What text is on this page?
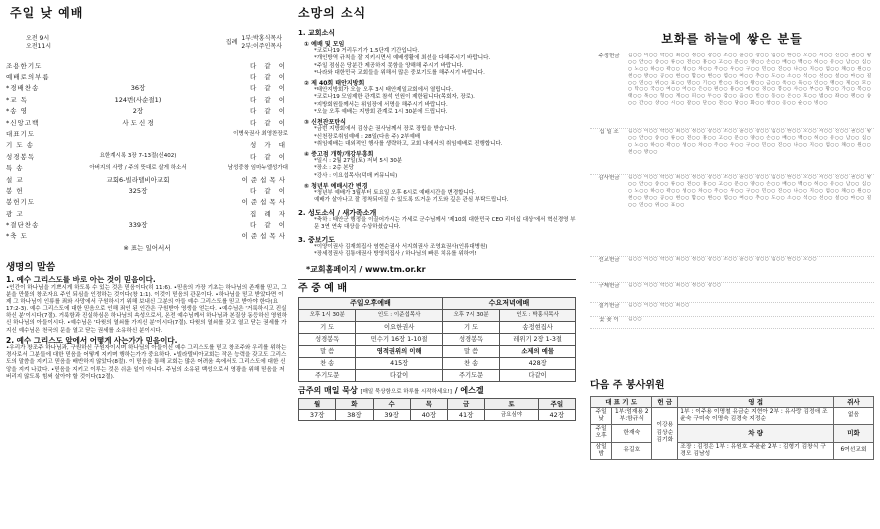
주일 낮 예배
오전 9시
오전11시
집례
1부:박홍식목사
2부:이주인목사
조용한기도	다 같 이
예배로의부름	다 같 이
*경배찬송	36장	다 같 이
*교 독	124번(사순절1)	다 같 이
*송 영	2장	다 같 이
*신앙고백	사 도 신 경	다 같 이
대표기도	이병욱권사 최영찬장로
기 도 송	성 가 대
성경봉독	요한계시록 3장 7-13절(신402)	다 같 이
특 송	아버지의 사랑 / 주의 뜻대로 살게 하소서	남성중창 임마누엘성가대
설 교	교회6-빌라델비아교회	이준섭목사
봉 헌	325장	다 같 이
봉헌기도	이준섭목사
광 고	집 례 자
*결단찬송	339장	다 같 이
*축 도	이준섭목사
※ 표는 일어서서
생명의 말씀
1. 예수 그리스도를 바로 아는 것이 믿음이다.
•인간이 하나님을 기쁘시게 하도록 수 있는 것은 믿음이다(히 11:6). •믿음의 가장 기초는 하나님의 존재를 믿고, 그분을 만물의 창조자요 주인 되심을 인정하는 것이다(창 1:1). 이것이 믿음의 관문이다. •하나님을 믿고 받았다면 이제 그 하나님이 인류를 죄와 사망에서 구원하시기 위해 보내신 그분의 아들 예수 그리스도를 믿고 받아야 한다(요 17:2-3). 예수 그리스도에 대한 믿음으로 인해 죄인 된 인간은 구원받아 영생을 얻는다. •예수님은 '거룩하시고 진실하신 분'이시다(7절). 거룩함과 진실하심은 하나님의 속성으로서, 온전 예수님께서 하나님과 본질상 동등하신 영원하신 하나님의 아들이시다. •예수님은 '다윗의 열쇠를 가지신 분'이시다(7절). 다윗의 열쇠를 갖고 열고 닫는 권세를 가지신 예수님은 천국의 문을 열고 닫는 권세를 소유하신 분이시다.
2. 예수 그리스도 앞에서 어떻게 사는가가 믿음이다.
•우리가 창조주 하나님과, 구원하신 구원자이시며 하나님의 아들이신 예수 그리스도를 믿고 창조주와 우리를 위하는 경사로서 그분들에 대한 믿음을 어떻게 지키며 행하는가가 중요하다. •빌라델비아교회는 작은 능력을 갖고도 그리스도의 말씀을 지키고 믿음을 배반하지 않았다(8절). 이 믿음을 통해 교회는 많은 어려움 속에서도 그리스도에 대한 신앙을 지켜 나갔다. •믿음을 지키고 이루는 것은 쉬운 일이 아니다. 주님의 소유된 백성으로서 영광을 위해 믿음을 저버리지 않도록 힘써 살아야 할 것이다(12절).
소망의 소식
1. 교회소식
① 예배 및 모임
*코로나19 거리두기가 1.5단계 기간입니다.
*개인방역 규칙을 잘 지키시면서 예배생활에 최선을 다해주시기 바랍니다.
*주일 점심은 당분간 제공하지 못함을 양해해 주시기 바랍니다.
*나라와 대한민국 교회들을 위해서 많은 중보기도를 해주시기 바랍니다.
② 제 40회 태안지방회
*태안지방회가 오늘 오후 3시 태안제일교회에서 열립니다.
*코로나19 모임제한 관계로 참석 인원이 제한됩니다(목회자, 장로).
*지방회원들께서는 위임장에 서명을 해주시기 바랍니다.
*오늘 오후 예배는 지방회 관계로 1시 30분에 드립니다.
③ 신천잔포탄식
*금번 지방회에서 김상순 권사님께서 장로 장립을 받습니다.
*신천장로취임예배 : 28일(다음 주) 2부예배
*취임예배는 대외적인 행사를 생략하고, 교회 내에서의 취임예배로 진행합니다.
④ 증고점 개학/개강부흥회
*일시 : 2월 27일(토) 저녁 5시 30분
*장소 : 2층 본당
*강사 : 이요섭목사(덕매 커뮤니티)
⑤ 청년부 예배시간 변경
*청년부 예배가 3월부터 토요일 오후 6시로 예배시간을 변경합니다.
예배가 살아나고 잘 정착되어질 수 있도록 뜨거운 기도와 깊은 관심 부탁드립니다.
2. 성도소식 / 새가족소개
*축하 : 태안군 행정을 이끌어가시는 가세로 군수님께서 '제10회 대한민국 CEO 리더십 대상'에서 혁신경영 부문 3연 연속 대상을 수상하셨습니다.
3. 중보기도
*이양이권사 김재희집사 염현순권사 서지희권사 조영효권사(인류대병원)
*장세정권사 김통애권사 방영석집사 / 하나님의 빠른 치유를 위하여!
*교회홈페이지 / www.tm.or.kr
주 중 예 배
주일오후예배		수요저녁예배	
오후 1시 30분	인도 : 이준섭목사	오후 7시 30분	인도 : 박홍식목사
기 도	이요한권사	기 도	송정현집사
성경봉독	민수기 16장 1-10절	성경봉독	레위기 2장 1-3절
말 씀	영적권위의 이해	말 씀	소제의 예물
찬 송	415장	찬 송	428장
주기도문	다같이	주기도문	다같이
금주의 매일 묵상 [매일 묵상함으로 하루를 시작하세요!] / 에스겔
월	화	수	목	금	토	주일
37장	38장	39장	40장	41장	금요심야	42장
보화를 하늘에 쌓은 분들
주정헌금	김○○ 이○○ 박○○ 최○○ 정○○ 강○○ 조○○ 윤○○ 장○○ 임○○ 한○○ 오○○ 서○○ 신○○ 권○○ 황○○ 안○○ 송○○ 류○○ 전○○ 홍○○ 고○○ 문○○ 양○○ 손○○ 배○○ 백○○ 허○○ 유○○ 남○○ 심○○ 노○○ 하○○ 곽○○ 성○○ 차○○ 주○○ 우○○ 구○○ 민○○ 진○○ 나○○ 지○○ 엄○○ 채○○ 원○○ 천○○ 방○○ 공○○ 현○○ 함○○ 변○○ 염○○ 여○○ 추○○ 도○○ 소○○ 석○○ 선○○ 설○○ 마○○ 길○○ 연○○ 위○○ 표○○ 명○○ 기○○ 반○○ 라○○ 왕○○ 금○○ 옥○○ 육○○ 인○○ 맹○○ 제○○ 모○○ 탁○○ 국○○ 여○○ 어○○ 은○○ 편○○ 용○○ 예○○ 경○○ 봉○○ 사○○ 부○○ 황○○ 가○○ 복○○ 태○○ 목○○ 형○○ 계○○ 피○○ 두○○ 감○○ 음○○ 빈○○ 동○○ 온○○ 호○○ 범○○ 좌○○ 팽○○ 승○○ 간○○ 상○○ 시○○ 갈○○ 단○○ 견○○ 당○○ 화○○ 창○○ 옹○○ 순○○ 빙○○
십 일 조	김○○ 이○○ 박○○ 최○○ 정○○ 강○○ 조○○ 윤○○ 장○○ 임○○ 한○○ 오○○ 서○○ 신○○ 권○○ 황○○ 안○○ 송○○ 류○○ 전○○ 홍○○ 고○○ 문○○ 양○○ 손○○ 배○○ 백○○ 허○○ 유○○ 남○○ 심○○ 노○○ 하○○ 곽○○ 성○○ 차○○ 주○○ 우○○ 구○○ 민○○ 진○○ 나○○ 지○○ 엄○○ 채○○ 원○○ 천○○ 방○○
감사헌금	김○○ 이○○ 박○○ 최○○ 정○○ 강○○ 조○○ 윤○○ 장○○ 임○○ 한○○ 오○○ 서○○ 신○○ 권○○ 황○○ 안○○ 송○○ 류○○ 전○○ 홍○○ 고○○ 문○○ 양○○ 손○○ 배○○ 백○○ 허○○ 유○○ 남○○ 심○○ 노○○ 하○○ 곽○○ 성○○ 차○○ 주○○ 우○○ 구○○ 민○○ 진○○ 나○○ 지○○ 엄○○ 채○○ 원○○ 천○○ 방○○ 공○○ 현○○ 함○○ 변○○ 염○○ 여○○ 추○○ 도○○ 소○○ 석○○ 선○○ 설○○ 마○○ 길○○ 연○○ 위○○ 표○○
선교헌금	김○○ 이○○ 박○○ 최○○ 정○○ 강○○ 조○○ 윤○○ 장○○ 임○○ 한○○ 오○○
구제헌금	김○○ 이○○ 박○○ 최○○ 정○○ 강○○
절기헌금	김○○ 이○○ 박○○ 최○○
꽃 꽂 이	김○○
다음 주 봉사위원
대 표 기 도		헌 금	영 접	쥐사
주일 낮	1부:엄재용 2부:함규식	이강용 김상순 김기화	1부 : 이주용 이명철 유금순 지현아 2부 : 유사랑 김정애 조윤숙 구미숙 이명숙 김경숙 지정순	없음
주일오후	한재숙		차 량	미화
삼일 밤	유길호		조장 : 김정은 1부 : 유원호 주윤윤 2부 : 김형기 김창식 구경모 김남성	6여선교회
